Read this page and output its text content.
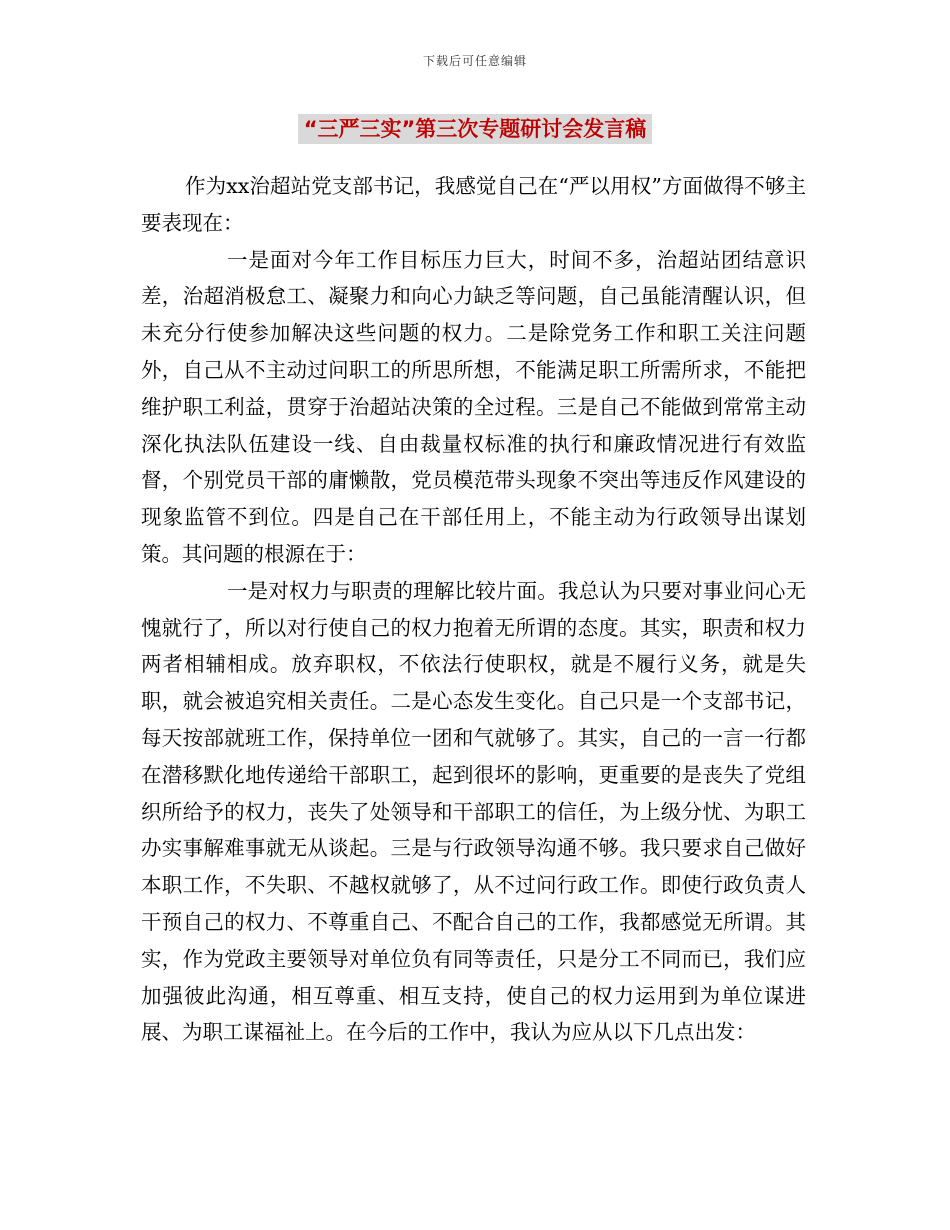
下载后可任意编辑
“三严三实”第三次专题研讨会发言稿

作为xx治超站党支部书记，我感觉自己在“严以用权”方面做得不够主要表现在：

一是面对今年工作目标压力巨大，时间不多，治超站团结意识差，治超消极怠工、凝聚力和向心力缺乏等问题，自己虽能清醒认识，但未充分行使参加解决这些问题的权力。二是除党务工作和职工关注问题外，自己从不主动过问职工的所思所想，不能满足职工所需所求，不能把维护职工利益，贯穿于治超站决策的全过程。三是自己不能做到常常主动深化执法队伍建设一线、自由裁量权标准的执行和廉政情况进行有效监督，个别党员干部的庸懒散，党员模范带头现象不突出等违反作风建设的现象监管不到位。四是自己在干部任用上，不能主动为行政领导出谋划策。其问题的根源在于：

一是对权力与职责的理解比较片面。我总认为只要对事业问心无愧就行了，所以对行使自己的权力抱着无所谓的态度。其实，职责和权力两者相辅相成。放弃职权，不依法行使职权，就是不履行义务，就是失职，就会被追究相关责任。二是心态发生变化。自己只是一个支部书记，每天按部就班工作，保持单位一团和气就够了。其实，自己的一言一行都在潜移默化地传递给干部职工，起到很坏的影响，更重要的是丧失了党组织所给予的权力，丧失了处领导和干部职工的信任，为上级分忧、为职工办实事解难事就无从谈起。三是与行政领导沟通不够。我只要求自己做好本职工作，不失职、不越权就够了，从不过问行政工作。即使行政负责人干预自己的权力、不尊重自己、不配合自己的工作，我都感觉无所谓。其实，作为党政主要领导对单位负有同等责任，只是分工不同而已，我们应加强彼此沟通，相互尊重、相互支持，使自己的权力运用到为单位谋进展、为职工谋福祉上。在今后的工作中，我认为应从以下几点出发：
